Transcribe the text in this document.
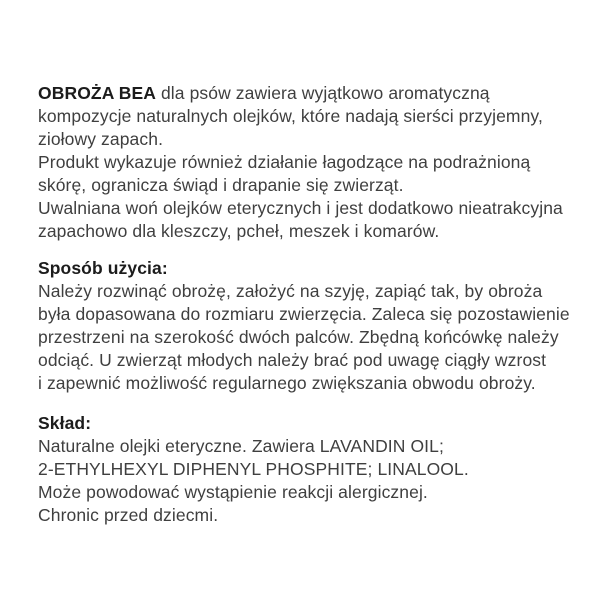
OBROŻA BEA dla psów zawiera wyjątkowo aromatyczną
kompozycje naturalnych olejków, które nadają sierści przyjemny,
ziołowy zapach.
Produkt wykazuje również działanie łagodzące na podrażnioną
skórę, ogranicza świąd i drapanie się zwierząt.
Uwalniana woń olejków eterycznych i jest dodatkowo nieatrakcyjna
zapachowo dla kleszczy, pcheł, meszek i komarów.
Sposób użycia:
Należy rozwinąć obrożę, założyć na szyję, zapiąć tak, by obroża
była dopasowana do rozmiaru zwierzęcia. Zaleca się pozostawienie
przestrzeni na szerokość dwóch palców. Zbędną końcówkę należy
odciąć. U zwierząt młodych należy brać pod uwagę ciągły wzrost
i zapewnić możliwość regularnego zwiększania obwodu obroży.
Skład:
Naturalne olejki eteryczne. Zawiera LAVANDIN OIL;
2-ETHYLHEXYL DIPHENYL PHOSPHITE; LINALOOL.
Może powodować wystąpienie reakcji alergicznej.
Chronic przed dziecmi.
